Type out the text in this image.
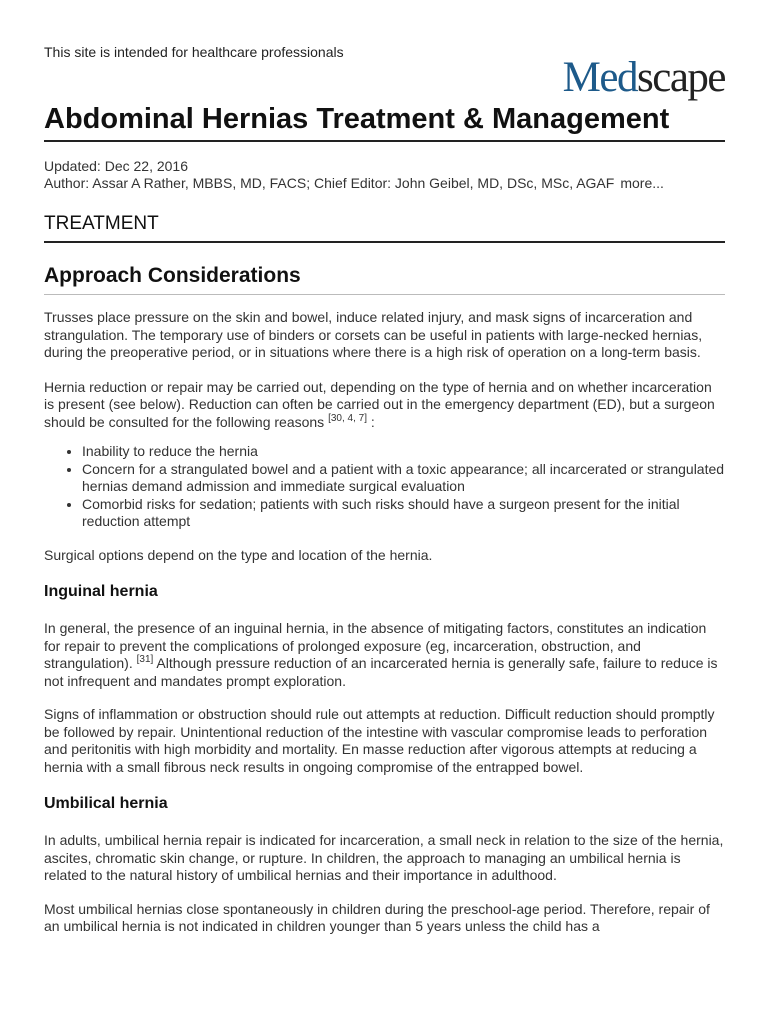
This site is intended for healthcare professionals
Medscape
Abdominal Hernias Treatment & Management
Updated: Dec 22, 2016
Author: Assar A Rather, MBBS, MD, FACS; Chief Editor: John Geibel, MD, DSc, MSc, AGAF more...
TREATMENT
Approach Considerations

Trusses place pressure on the skin and bowel, induce related injury, and mask signs of incarceration and strangulation. The temporary use of binders or corsets can be useful in patients with large-necked hernias, during the preoperative period, or in situations where there is a high risk of operation on a long-term basis.

Hernia reduction or repair may be carried out, depending on the type of hernia and on whether incarceration is present (see below). Reduction can often be carried out in the emergency department (ED), but a surgeon should be consulted for the following reasons [30, 4, 7] :

• Inability to reduce the hernia
• Concern for a strangulated bowel and a patient with a toxic appearance; all incarcerated or strangulated hernias demand admission and immediate surgical evaluation
• Comorbid risks for sedation; patients with such risks should have a surgeon present for the initial reduction attempt

Surgical options depend on the type and location of the hernia.

Inguinal hernia

In general, the presence of an inguinal hernia, in the absence of mitigating factors, constitutes an indication for repair to prevent the complications of prolonged exposure (eg, incarceration, obstruction, and strangulation). [31] Although pressure reduction of an incarcerated hernia is generally safe, failure to reduce is not infrequent and mandates prompt exploration.

Signs of inflammation or obstruction should rule out attempts at reduction. Difficult reduction should promptly be followed by repair. Unintentional reduction of the intestine with vascular compromise leads to perforation and peritonitis with high morbidity and mortality. En masse reduction after vigorous attempts at reducing a hernia with a small fibrous neck results in ongoing compromise of the entrapped bowel.

Umbilical hernia

In adults, umbilical hernia repair is indicated for incarceration, a small neck in relation to the size of the hernia, ascites, chromatic skin change, or rupture. In children, the approach to managing an umbilical hernia is related to the natural history of umbilical hernias and their importance in adulthood.

Most umbilical hernias close spontaneously in children during the preschool-age period. Therefore, repair of an umbilical hernia is not indicated in children younger than 5 years unless the child has a
